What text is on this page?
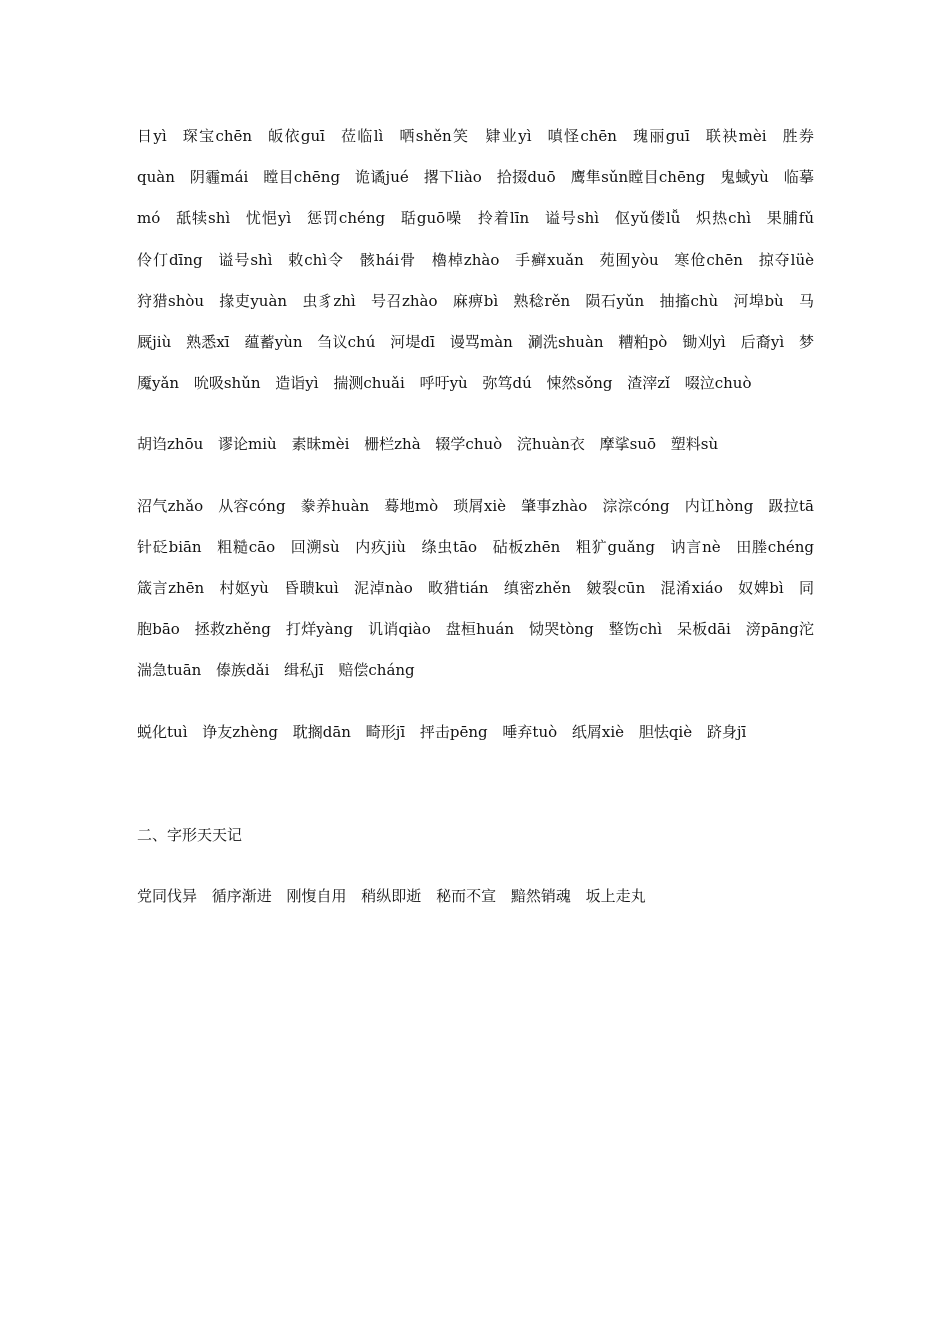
日yì 琛宝chēn 皈依guī 莅临lì 哂shěn笑 肄业yì 嗔怪chēn 瑰丽guī 联袂mèi 胜券quàn 阴霾mái 瞠目chēng 诡谲jué 撂下liào 拾掇duō 鹰隼sǔn瞠目chēng 鬼蜮yù 临摹mó 舐犊shì 忧悒yì 惩罚chéng 聒guō噪 拎着līn 谥号shì 伛yǔ偻lǚ 炽热chì 果脯fǔ 伶仃dīng 谥号shì 敕chì令 骸hái骨 櫓棹zhào 手癣xuǎn 苑囿yòu 寒伧chēn 掠夺lüè 狩猎shòu 掾吏yuàn 虫豸zhì 号召zhào 麻痹bì 熟稔rěn 陨石yǔn 抽搐chù 河埠bù 马厩jiù 熟悉xī 蕴蓄yùn 刍议chú 河堤dī 谩骂màn 涮洗shuàn 糟粕pò 锄刈yì 后裔yì 梦魇yǎn 吮吸shǔn 造诣yì 揣测chuǎi 呼吁yù 弥笃dú 悚然sǒng 渣滓zǐ 啜泣chuò

胡诌zhōu 谬论miù 素昧mèi 栅栏zhà 辍学chuò 浣huàn衣 摩挲suō 塑料sù

沼气zhǎo 从容cóng 豢养huàn 蓦地mò 琐屑xiè 肇事zhào 淙淙cóng 内讧hòng 趿拉tā 针砭biān 粗糙cāo 回溯sù 内疚jiù 绦虫tāo 砧板zhēn 粗犷guǎng 讷言nè 田塍chéng 箴言zhēn 村妪yù 昏聩kuì 泥淖nào 畋猎tián 缜密zhěn 皴裂cūn 混淆xiáo 奴婢bì 同胞bāo 拯救zhěng 打烊yàng 讥诮qiào 盘桓huán 恸哭tòng 整饬chì 呆板dāi 滂pāng沱 湍急tuān 傣族dǎi 缉私jī 赔偿cháng

蜕化tuì 诤友zhèng 耽搁dān 畸形jī 抨击pēng 唾弃tuò 纸屑xiè 胆怯qiè 跻身jī

二、字形天天记

党同伐异 循序渐进 刚愎自用 稍纵即逝 秘而不宣 黯然销魂 坂上走丸
